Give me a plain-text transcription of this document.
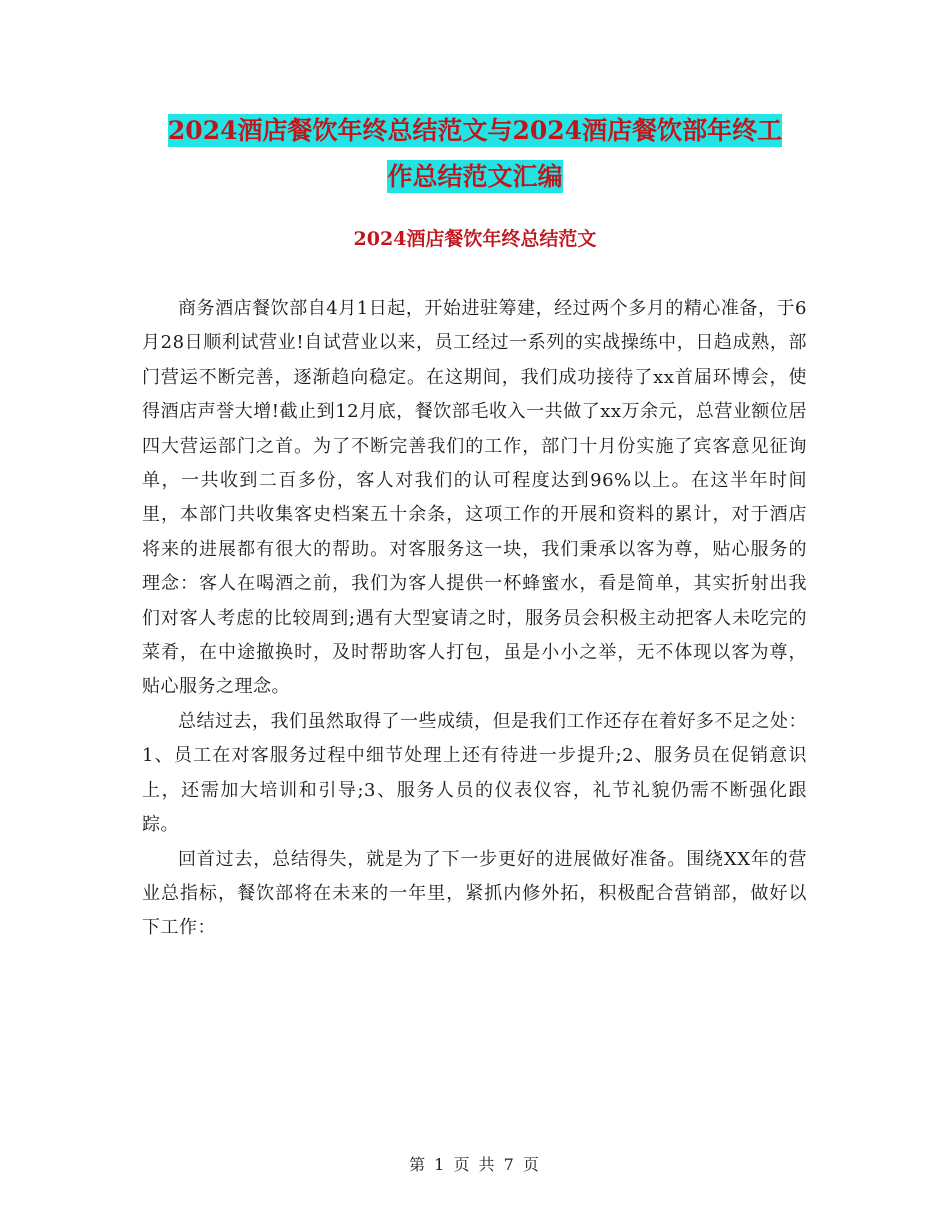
2024酒店餐饮年终总结范文与2024酒店餐饮部年终工
作总结范文汇编
2024酒店餐饮年终总结范文

商务酒店餐饮部自4月1日起，开始进驻筹建，经过两个多月的精心准备，于6月28日顺利试营业!自试营业以来，员工经过一系列的实战操练中，日趋成熟，部门营运不断完善，逐渐趋向稳定。在这期间，我们成功接待了xx首届环博会，使得酒店声誉大增!截止到12月底，餐饮部毛收入一共做了xx万余元，总营业额位居四大营运部门之首。为了不断完善我们的工作，部门十月份实施了宾客意见征询单，一共收到二百多份，客人对我们的认可程度达到96%以上。在这半年时间里，本部门共收集客史档案五十余条，这项工作的开展和资料的累计，对于酒店将来的进展都有很大的帮助。对客服务这一块，我们秉承以客为尊，贴心服务的理念：客人在喝酒之前，我们为客人提供一杯蜂蜜水，看是简单，其实折射出我们对客人考虑的比较周到;遇有大型宴请之时，服务员会积极主动把客人未吃完的菜肴，在中途撤换时，及时帮助客人打包，虽是小小之举，无不体现以客为尊，贴心服务之理念。

总结过去，我们虽然取得了一些成绩，但是我们工作还存在着好多不足之处：1、员工在对客服务过程中细节处理上还有待进一步提升;2、服务员在促销意识上，还需加大培训和引导;3、服务人员的仪表仪容，礼节礼貌仍需不断强化跟踪。

回首过去，总结得失，就是为了下一步更好的进展做好准备。围绕XX年的营业总指标，餐饮部将在未来的一年里，紧抓内修外拓，积极配合营销部，做好以下工作：

第 1 页 共 7 页
